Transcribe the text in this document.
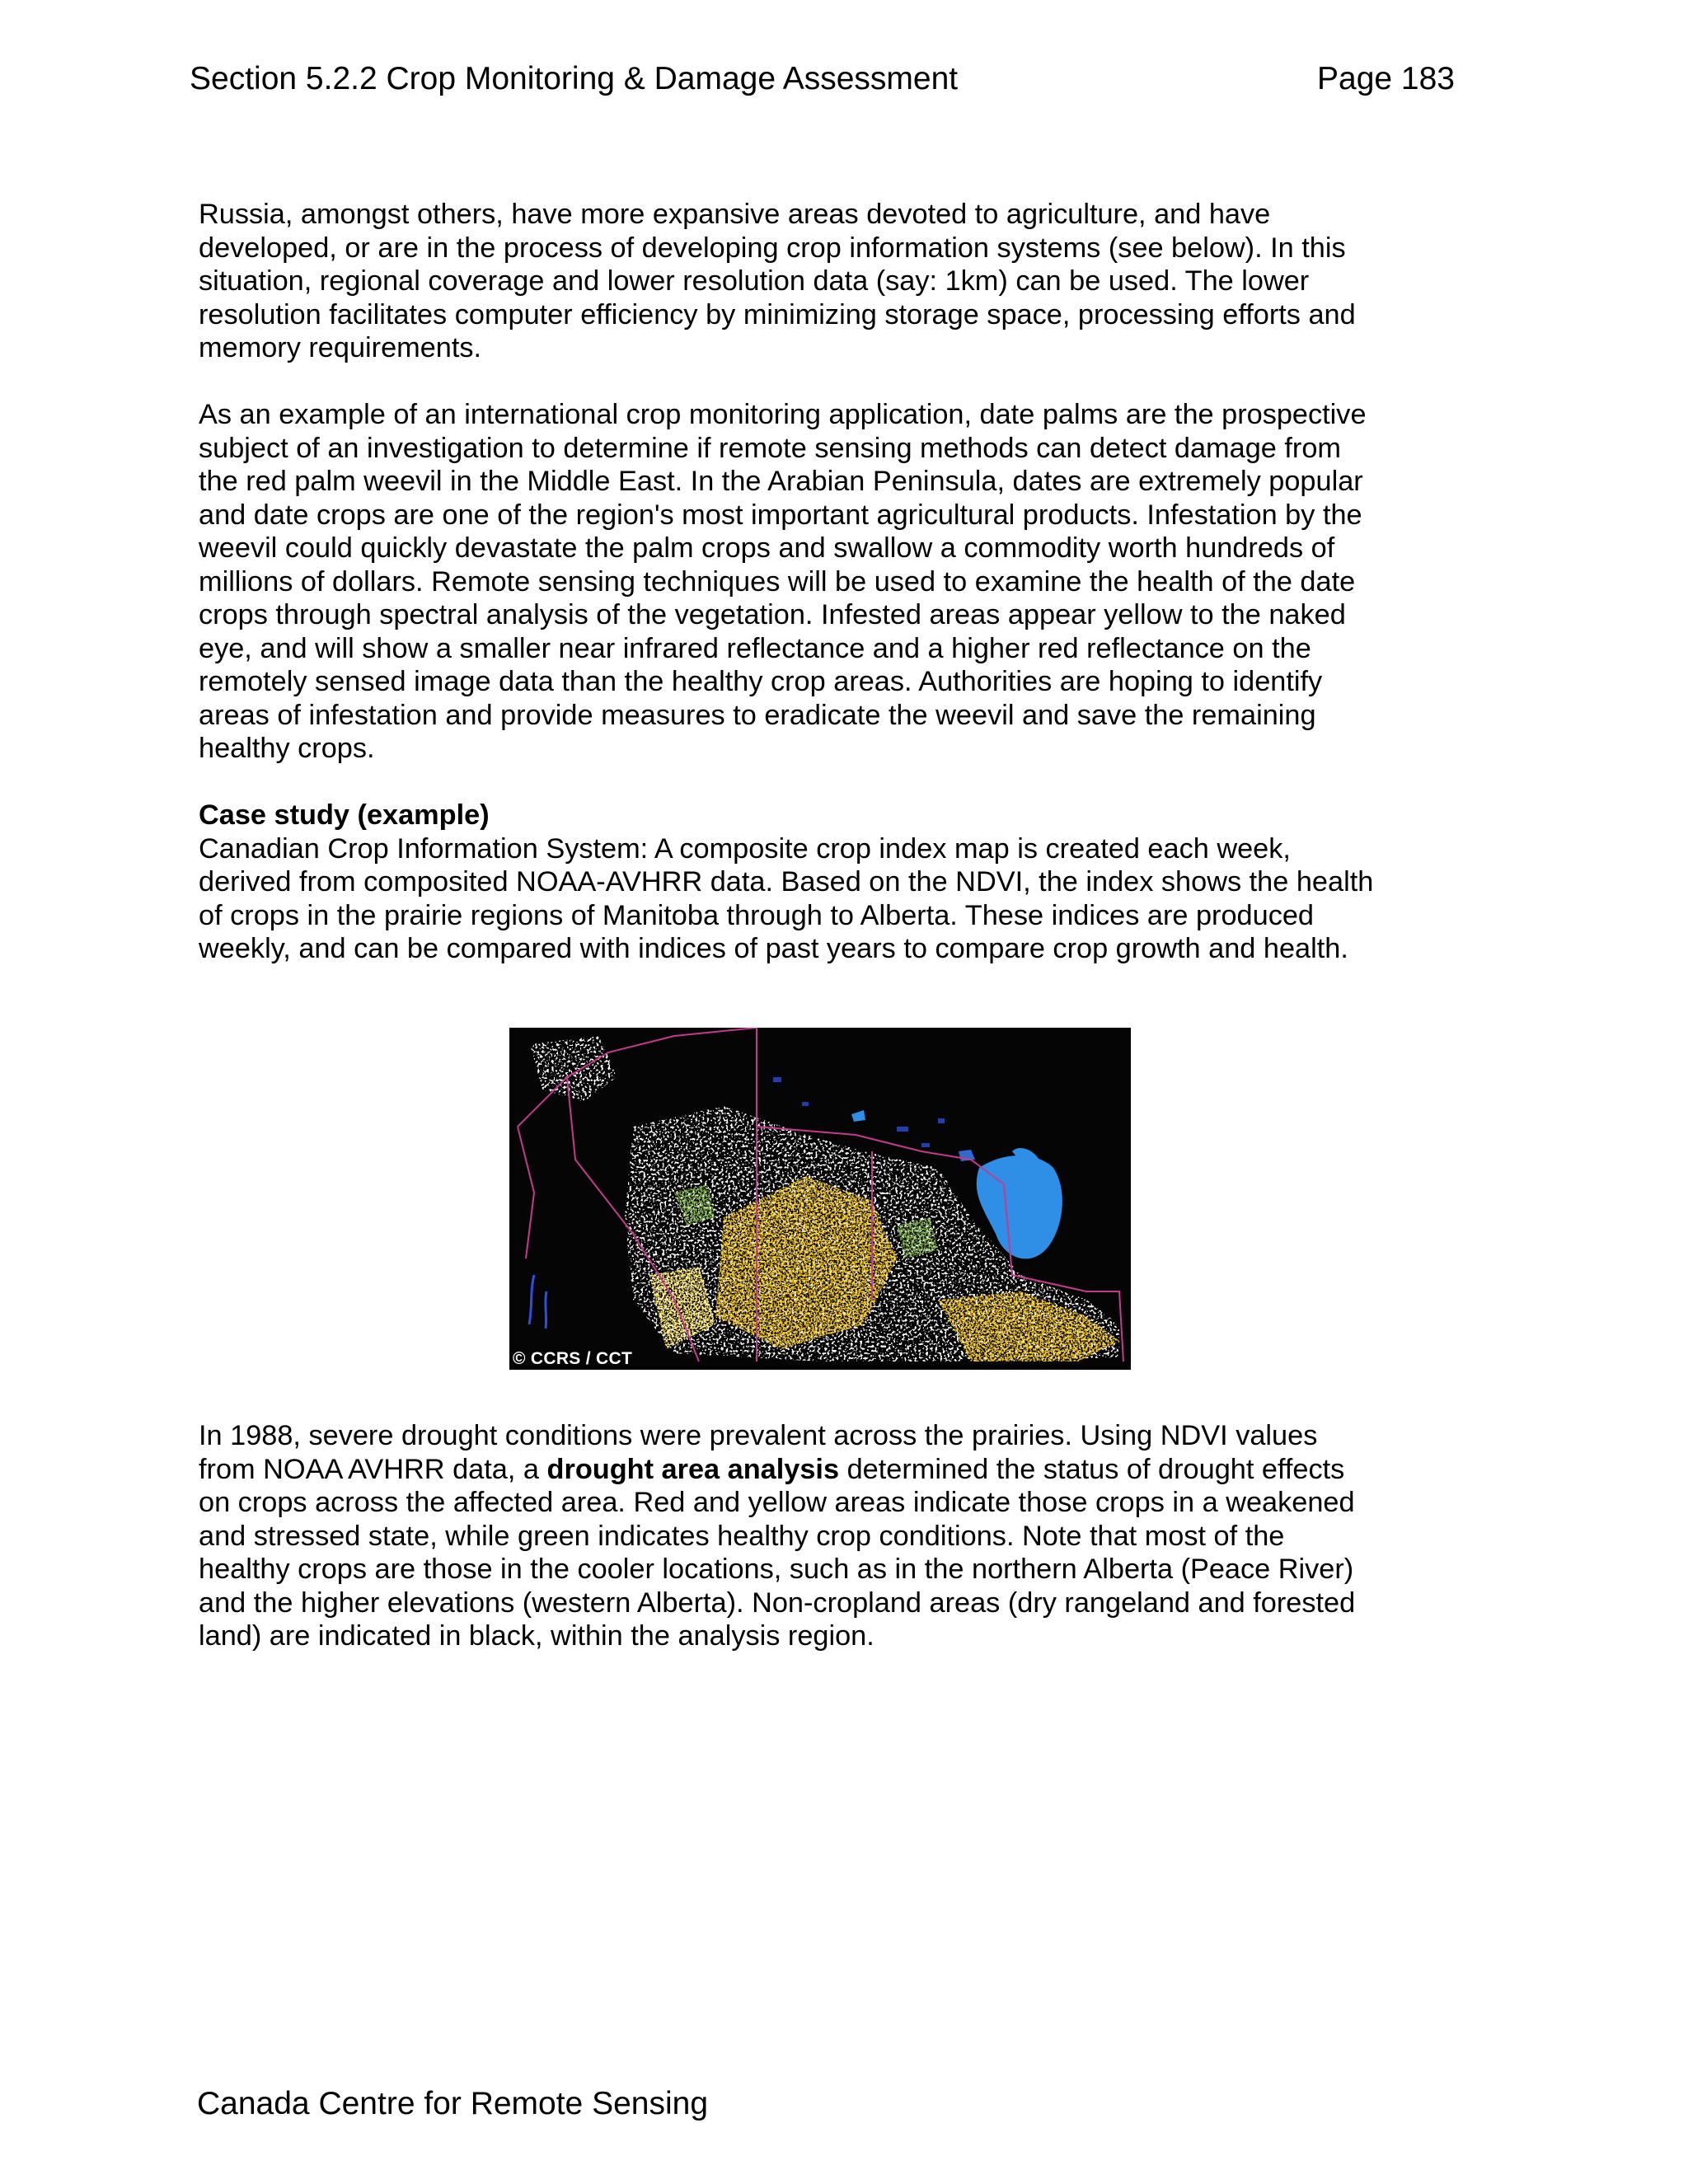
Section 5.2.2 Crop Monitoring & Damage Assessment	Page 183

Russia, amongst others, have more expansive areas devoted to agriculture, and have
developed, or are in the process of developing crop information systems (see below). In this
situation, regional coverage and lower resolution data (say: 1km) can be used. The lower
resolution facilitates computer efficiency by minimizing storage space, processing efforts and
memory requirements.

As an example of an international crop monitoring application, date palms are the prospective
subject of an investigation to determine if remote sensing methods can detect damage from
the red palm weevil in the Middle East. In the Arabian Peninsula, dates are extremely popular
and date crops are one of the region's most important agricultural products. Infestation by the
weevil could quickly devastate the palm crops and swallow a commodity worth hundreds of
millions of dollars. Remote sensing techniques will be used to examine the health of the date
crops through spectral analysis of the vegetation. Infested areas appear yellow to the naked
eye, and will show a smaller near infrared reflectance and a higher red reflectance on the
remotely sensed image data than the healthy crop areas. Authorities are hoping to identify
areas of infestation and provide measures to eradicate the weevil and save the remaining
healthy crops.

Case study (example)
Canadian Crop Information System: A composite crop index map is created each week,
derived from composited NOAA-AVHRR data. Based on the NDVI, the index shows the health
of crops in the prairie regions of Manitoba through to Alberta. These indices are produced
weekly, and can be compared with indices of past years to compare crop growth and health.

© CCRS / CCT

In 1988, severe drought conditions were prevalent across the prairies. Using NDVI values
from NOAA AVHRR data, a drought area analysis determined the status of drought effects
on crops across the affected area. Red and yellow areas indicate those crops in a weakened
and stressed state, while green indicates healthy crop conditions. Note that most of the
healthy crops are those in the cooler locations, such as in the northern Alberta (Peace River)
and the higher elevations (western Alberta). Non-cropland areas (dry rangeland and forested
land) are indicated in black, within the analysis region.

Canada Centre for Remote Sensing
